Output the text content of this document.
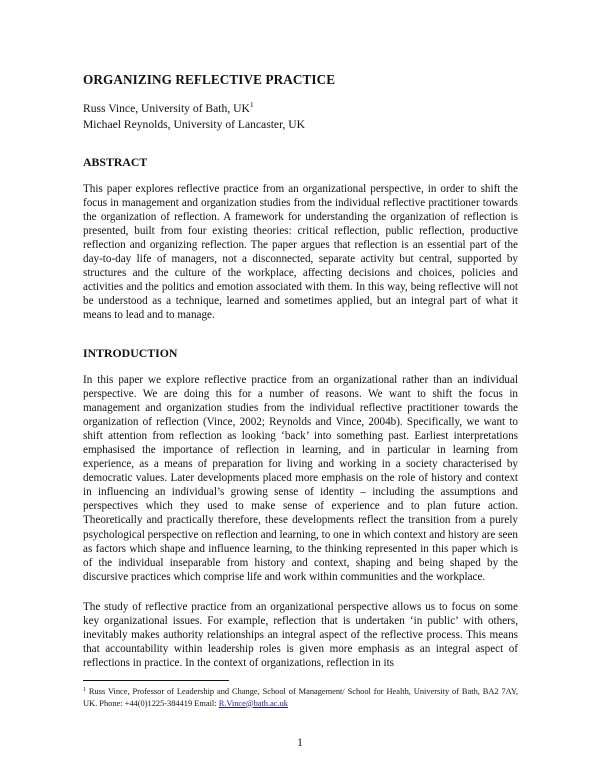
ORGANIZING REFLECTIVE PRACTICE
Russ Vince, University of Bath, $UK^1$
Michael Reynolds, University of Lancaster, UK
ABSTRACT

This paper explores reflective practice from an organizational perspective, in order to shift the focus in management and organization studies from the individual reflective practitioner towards the organization of reflection. A framework for understanding the organization of reflection is presented, built from four existing theories: critical reflection, public reflection, productive reflection and organizing reflection. The paper argues that reflection is an essential part of the day-to-day life of managers, not a disconnected, separate activity but central, supported by structures and the culture of the workplace, affecting decisions and choices, policies and activities and the politics and emotion associated with them. In this way, being reflective will not be understood as a technique, learned and sometimes applied, but an integral part of what it means to lead and to manage.

INTRODUCTION

In this paper we explore reflective practice from an organizational rather than an individual perspective. We are doing this for a number of reasons. We want to shift the focus in management and organization studies from the individual reflective practitioner towards the organization of reflection (Vince, 2002; Reynolds and Vince, 2004b). Specifically, we want to shift attention from reflection as looking ‘back’ into something past. Earliest interpretations emphasised the importance of reflection in learning, and in particular in learning from experience, as a means of preparation for living and working in a society characterised by democratic values. Later developments placed more emphasis on the role of history and context in influencing an individual’s growing sense of identity – including the assumptions and perspectives which they used to make sense of experience and to plan future action. Theoretically and practically therefore, these developments reflect the transition from a purely psychological perspective on reflection and learning, to one in which context and history are seen as factors which shape and influence learning, to the thinking represented in this paper which is of the individual inseparable from history and context, shaping and being shaped by the discursive practices which comprise life and work within communities and the workplace.

The study of reflective practice from an organizational perspective allows us to focus on some key organizational issues. For example, reflection that is undertaken ‘in public’ with others, inevitably makes authority relationships an integral aspect of the reflective process. This means that accountability within leadership roles is given more emphasis as an integral aspect of reflections in practice. In the context of organizations, reflection in its

$^1$ Russ Vince, Professor of Leadership and Change, School of Management/ School for Health, University of Bath, BA2 7AY, UK. Phone: +44(0)1225-384419 Email: R.Vince@bath.ac.uk

1
